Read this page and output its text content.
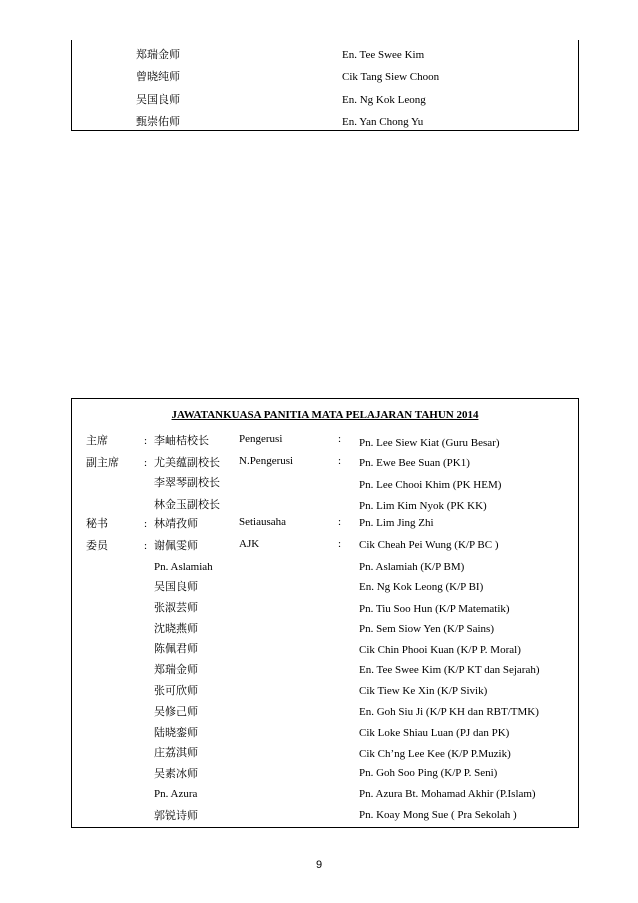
郑瑞金师	En. Tee Swee Kim
曾晓纯师	Cik Tang Siew Choon
吴国良师	En. Ng Kok Leong
甄崇佑师	En. Yan Chong Yu
JAWATANKUASA PANITIA MATA PELAJARAN TAHUN 2014
主席	: 李岫桔校长	Pengerusi	: Pn. Lee Siew Kiat (Guru Besar)
副主席 : 尤美蕴副校长 N.Pengerusi	: Pn. Ewe Bee Suan (PK1)
李翠琴副校长	Pn. Lee Chooi Khim (PK HEM)
林金玉副校长	Pn. Lim Kim Nyok (PK KK)
秘书	: 林靖孜师	Setiausaha	: Pn. Lim Jing Zhi
委员	: 谢佩雯师	AJK	: Cik Cheah Pei Wung (K/P BC )
Pn. Aslamiah	Pn. Aslamiah (K/P BM)
吴国良师	En. Ng Kok Leong (K/P BI)
张淑芸师	Pn. Tiu Soo Hun (K/P Matematik)
沈晓燕师	Pn. Sem Siow Yen (K/P Sains)
陈佩君师	Cik Chin Phooi Kuan (K/P P. Moral)
郑瑞金师	En. Tee Swee Kim (K/P KT dan Sejarah)
张可欣师	Cik Tiew Ke Xin (K/P Sivik)
吴修己师	En. Goh Siu Ji (K/P KH dan RBT/TMK)
陆晓銮师	Cik Loke Shiau Luan (PJ dan PK)
庄荔淇师	Cik Ch’ng Lee Kee (K/P P.Muzik)
吴素冰师	Pn. Goh Soo Ping (K/P P. Seni)
Pn. Azura	Pn. Azura Bt. Mohamad Akhir (P.Islam)
郭锐诗师	Pn. Koay Mong Sue ( Pra Sekolah )
9
